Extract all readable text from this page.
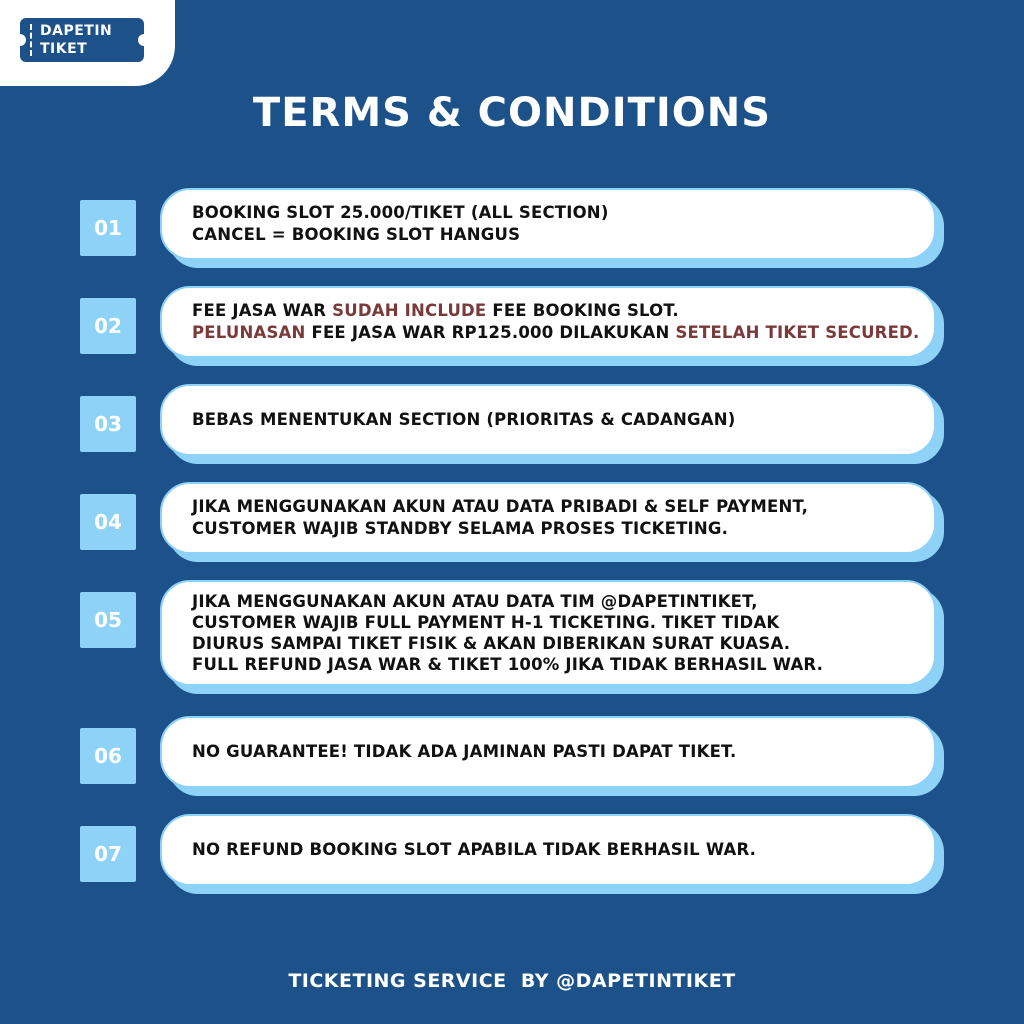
DAPETIN
TIKET
TERMS & CONDITIONS
01
BOOKING SLOT 25.000/TIKET (ALL SECTION)
CANCEL = BOOKING SLOT HANGUS
02
FEE JASA WAR SUDAH INCLUDE FEE BOOKING SLOT.
PELUNASAN FEE JASA WAR RP125.000 DILAKUKAN SETELAH TIKET SECURED.
03	BEBAS MENENTUKAN SECTION (PRIORITAS & CADANGAN)
04
JIKA MENGGUNAKAN AKUN ATAU DATA PRIBADI & SELF PAYMENT,
CUSTOMER WAJIB STANDBY SELAMA PROSES TICKETING.
05
JIKA MENGGUNAKAN AKUN ATAU DATA TIM @DAPETINTIKET,
CUSTOMER WAJIB FULL PAYMENT H-1 TICKETING. TIKET TIDAK
DIURUS SAMPAI TIKET FISIK & AKAN DIBERIKAN SURAT KUASA.
FULL REFUND JASA WAR & TIKET 100% JIKA TIDAK BERHASIL WAR.
06	NO GUARANTEE! TIDAK ADA JAMINAN PASTI DAPAT TIKET.
07	NO REFUND BOOKING SLOT APABILA TIDAK BERHASIL WAR.
TICKETING SERVICE  BY @DAPETINTIKET
